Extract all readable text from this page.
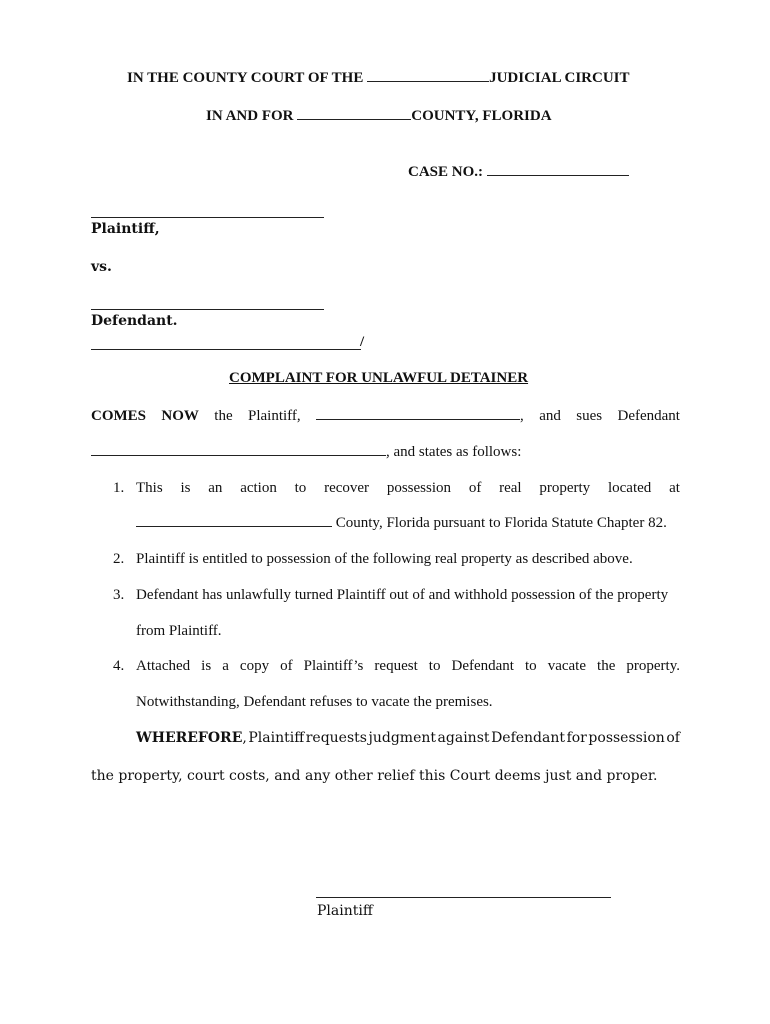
IN THE COUNTY COURT OF THE	JUDICIAL CIRCUIT
IN AND FOR	COUNTY, FLORIDA
CASE NO.:
Plaintiff,
vs.
Defendant.
/
COMPLAINT FOR UNLAWFUL DETAINER
COMES NOW the Plaintiff,	, and sues Defendant
, and states as follows:
1. This is an action to recover possession of real property located at
County, Florida pursuant to Florida Statute Chapter 82.
2. Plaintiff is entitled to possession of the following real property as described above.
3. Defendant has unlawfully turned Plaintiff out of and withhold possession of the property
from Plaintiff.
4. Attached is a copy of Plaintiff’s request to Defendant to vacate the property.
Notwithstanding, Defendant refuses to vacate the premises.
WHEREFORE, Plaintiff requests judgment against Defendant for possession of
the property, court costs, and any other relief this Court deems just and proper.
Plaintiff
